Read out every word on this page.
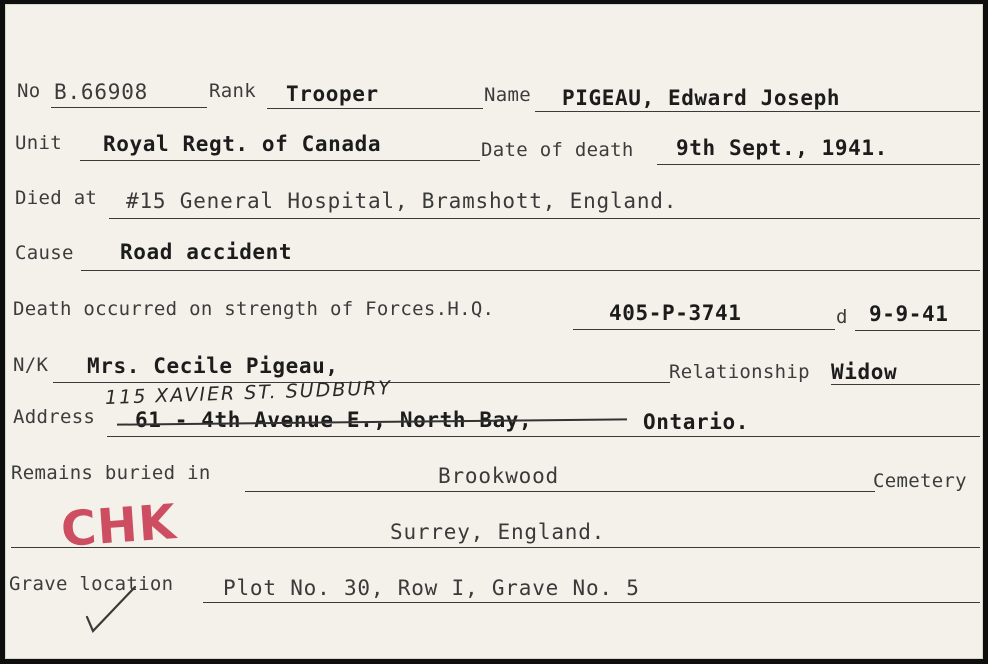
No B.66908	Rank Trooper	Name PIGEAU, Edward Joseph
Unit Royal Regt. of Canada	Date of death 9th Sept., 1941.
Died at #15 General Hospital, Bramshott, England.
Cause Road accident
Death occurred on strength of Forces.H.Q.	405-P-3741	d 9-9-41
N/K Mrs. Cecile Pigeau,	Relationship Widow
115 XAVIER ST. SUDBURY
Address 61 - 4th Avenue E., North Bay,	Ontario.
Remains buried in	Brookwood	Cemetery
CHK	Surrey, England.
Grave location Plot No. 30, Row I, Grave No. 5
